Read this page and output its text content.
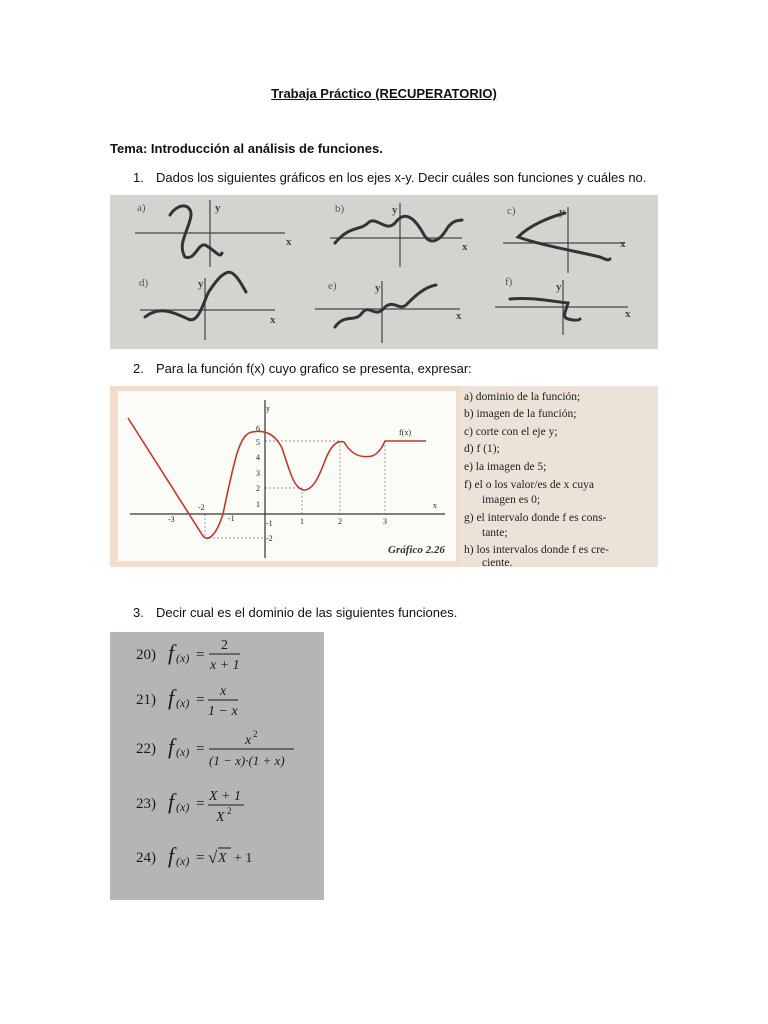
Trabaja Práctico (RECUPERATORIO)
Tema: Introducción al análisis de funciones.
1. Dados los siguientes gráficos en los ejes x-y. Decir cuáles son funciones y cuáles no.
a)	b)	c)
d)	e)	f)
x
y
x
y
x
y
x
y
x
y
x
y
2. Para la función f(x) cuyo grafico se presenta, expresar:
f(x)
y
x
-3
-2
-1	1	2	3
6
5
4
3
2
1
-1
-2
Gráfico 2.26
a) dominio de la función;
b) imagen de la función;
c) corte con el eje y;
d) f (1);
e) la imagen de 5;
f) el o los valor/es de x cuya
imagen es 0;
g) el intervalo donde f es cons-
tante;
h) los intervalos donde f es cre-
ciente.
3. Decir cual es el dominio de las siguientes funciones.
20) f (x) =
2
x + 1
21) f (x) =
x
1 − x
22) f (x) =
x 2
(1 − x)·(1 + x)
23) f (x) = X + 1
X 2
24) f (x) = √ X + 1
